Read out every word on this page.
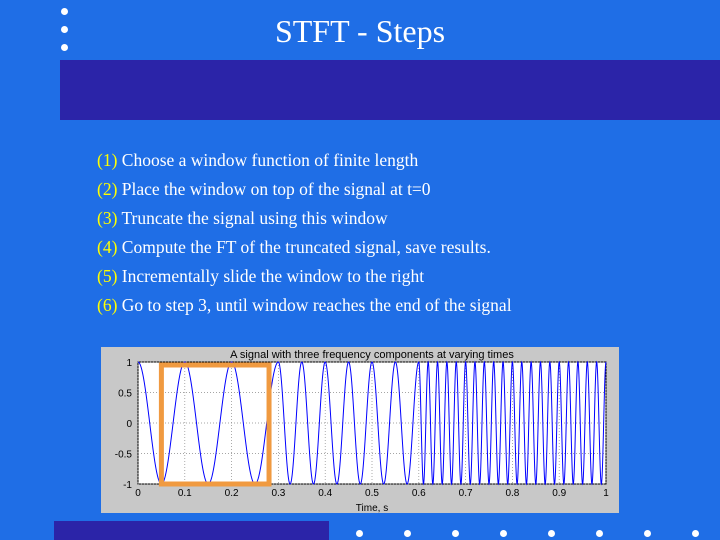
STFT - Steps
(1) Choose a window function of finite length
(2) Place the window on top of the signal at t=0
(3) Truncate the signal using this window
(4) Compute the FT of the truncated signal, save results.
(5) Incrementally slide the window to the right
(6) Go to step 3, until window reaches the end of the signal
0	0.1	0.2	0.3	0.4	0.5	0.6	0.7	0.8	0.9	1
1
0.5
0
-0.5
-1
A signal with three frequency components at varying times
Time, s
